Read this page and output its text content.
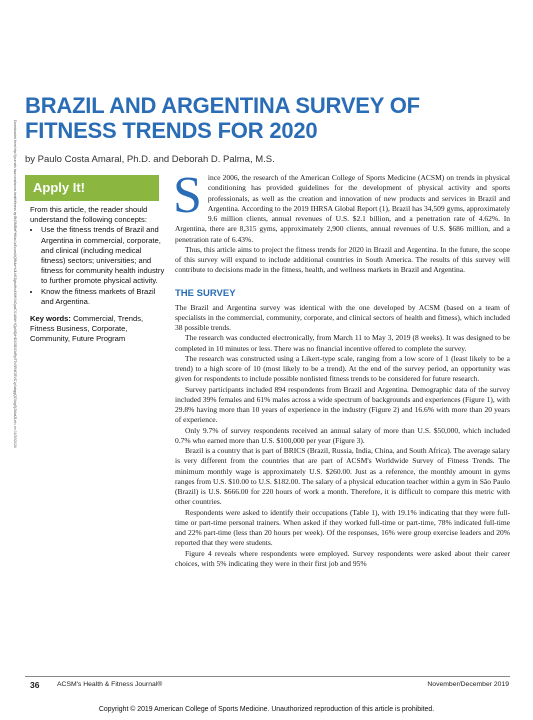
Downloaded from http://journals.lww.com/acsm-healthfitness by BhDMf5ePHKav1zEoum1tQfN4a+kJLhEZgbsIHo4XMi0hCywCX1AWnYQp/IlQrHD3i3D0OdRyi7TvSFl4Cf3VC1y0abggQZXdgGj2MwlZLeI= on 01/20/2024
BRAZIL AND ARGENTINA SURVEY OF FITNESS TRENDS FOR 2020
by Paulo Costa Amaral, Ph.D. and Deborah D. Palma, M.S.
Apply It!

From this article, the reader should understand the following concepts:

• Use the fitness trends of Brazil and Argentina in commercial, corporate, and clinical (including medical fitness) sectors; universities; and fitness for community health industry to further promote physical activity.
• Know the fitness markets of Brazil and Argentina.

Key words: Commercial, Trends, Fitness Business, Corporate, Community, Future Program

Since 2006, the research of the American College of Sports Medicine (ACSM) on trends in physical conditioning has provided guidelines for the development of physical activity and sports professionals, as well as the creation and innovation of new products and services in Brazil and Argentina. According to the 2019 IHRSA Global Report (1), Brazil has 34,509 gyms, approximately 9.6 million clients, annual revenues of U.S. $2.1 billion, and a penetration rate of 4.62%. In Argentina, there are 8,315 gyms, approximately 2,900 clients, annual revenues of U.S. $686 million, and a penetration rate of 6.43%.

Thus, this article aims to project the fitness trends for 2020 in Brazil and Argentina. In the future, the scope of this survey will expand to include additional countries in South America. The results of this survey will contribute to decisions made in the fitness, health, and wellness markets in Brazil and Argentina.

THE SURVEY

The Brazil and Argentina survey was identical with the one developed by ACSM (based on a team of specialists in the commercial, community, corporate, and clinical sectors of health and fitness), which included 38 possible trends.

The research was conducted electronically, from March 11 to May 3, 2019 (8 weeks). It was designed to be completed in 10 minutes or less. There was no financial incentive offered to complete the survey.

The research was constructed using a Likert-type scale, ranging from a low score of 1 (least likely to be a trend) to a high score of 10 (most likely to be a trend). At the end of the survey period, an opportunity was given for respondents to include possible nonlisted fitness trends to be considered for future research.

Survey participants included 894 respondents from Brazil and Argentina. Demographic data of the survey included 39% females and 61% males across a wide spectrum of backgrounds and experiences (Figure 1), with 29.8% having more than 10 years of experience in the industry (Figure 2) and 16.6% with more than 20 years of experience.

Only 9.7% of survey respondents received an annual salary of more than U.S. $50,000, which included 0.7% who earned more than U.S. $100,000 per year (Figure 3).

Brazil is a country that is part of BRICS (Brazil, Russia, India, China, and South Africa). The average salary is very different from the countries that are part of ACSM's Worldwide Survey of Fitness Trends. The minimum monthly wage is approximately U.S. $260.00. Just as a reference, the monthly amount in gyms ranges from U.S. $10.00 to U.S. $182.00. The salary of a physical education teacher within a gym in São Paulo (Brazil) is U.S. $666.00 for 220 hours of work a month. Therefore, it is difficult to compare this metric with other countries.

Respondents were asked to identify their occupations (Table 1), with 19.1% indicating that they were full-time or part-time personal trainers. When asked if they worked full-time or part-time, 78% indicated full-time and 22% part-time (less than 20 hours per week). Of the responses, 16% were group exercise leaders and 20% reported that they were students.

Figure 4 reveals where respondents were employed. Survey respondents were asked about their career choices, with 5% indicating they were in their first job and 95%

36	ACSM's Health & Fitness Journal®	November/December 2019
Copyright © 2019 American College of Sports Medicine. Unauthorized reproduction of this article is prohibited.
